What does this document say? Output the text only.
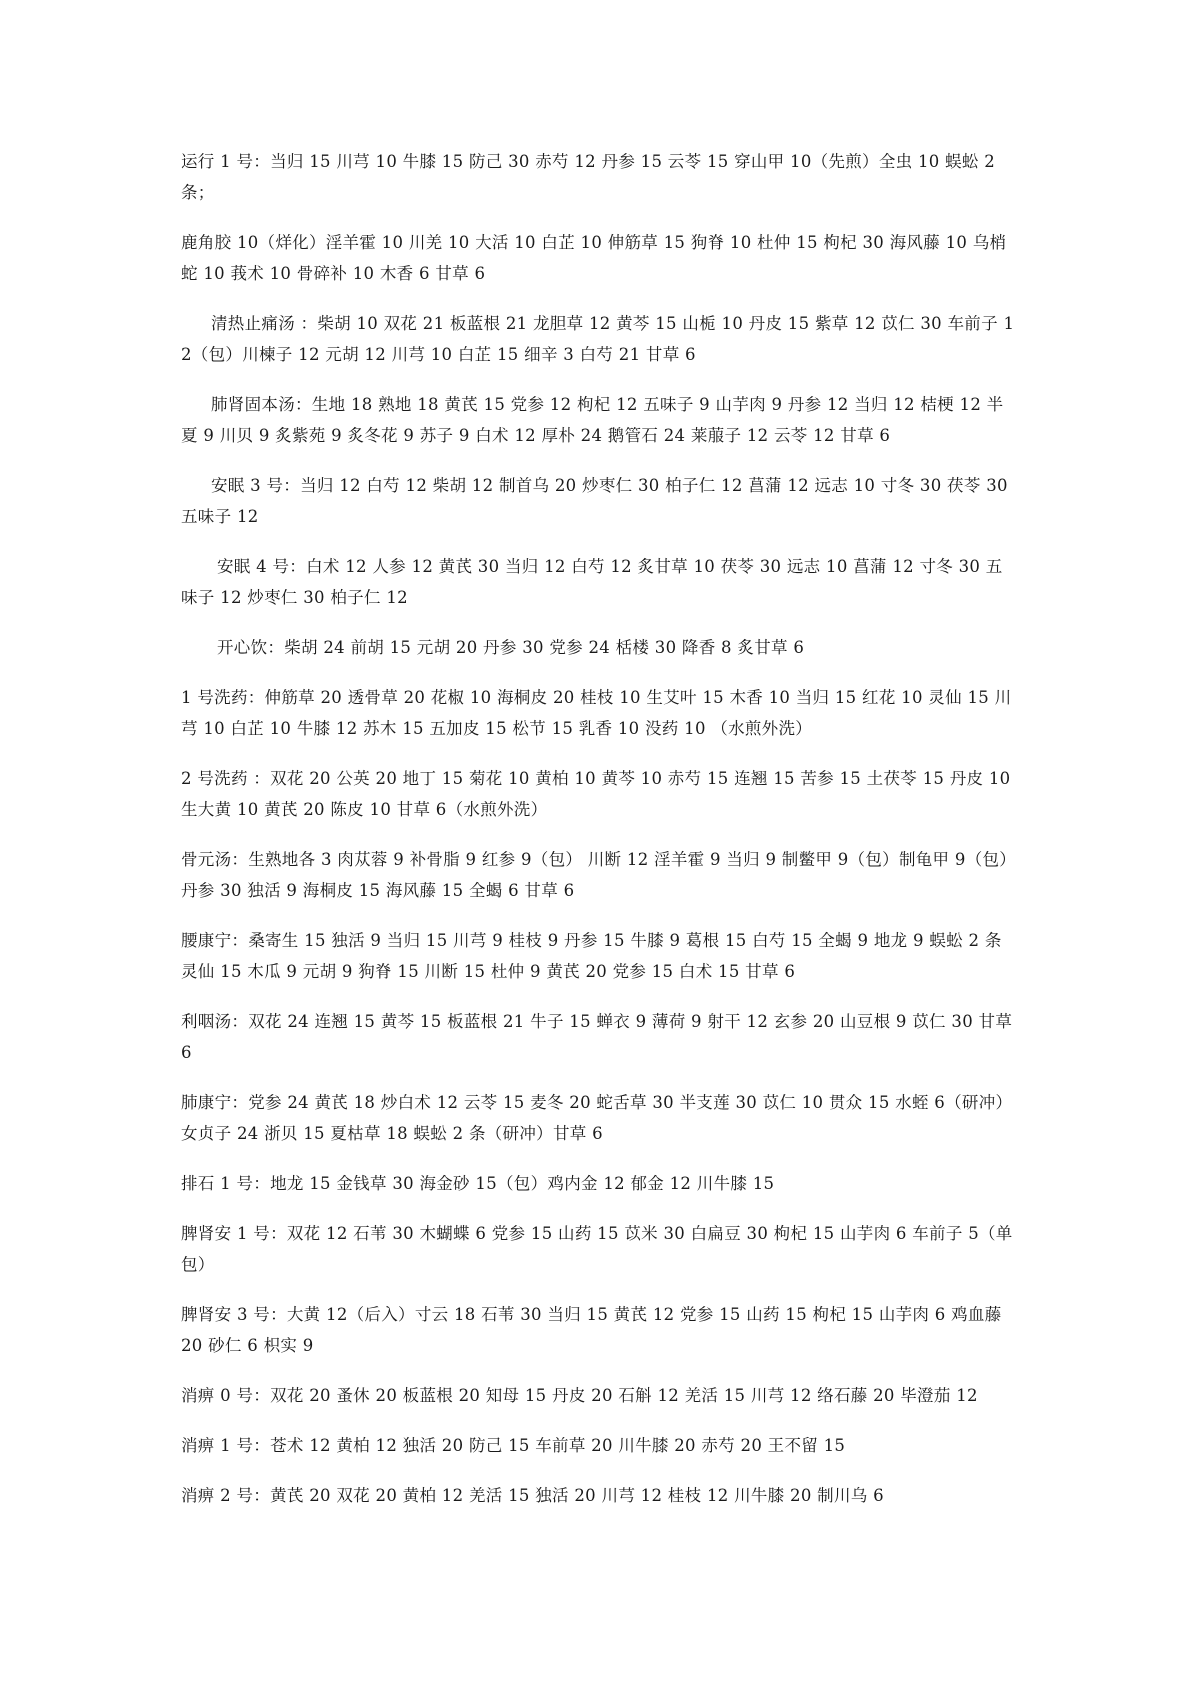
运行 1 号：当归 15 川芎 10 牛膝 15 防己 30 赤芍 12 丹参 15 云苓 15 穿山甲 10（先煎）全虫 10 蜈蚣 2 条；

鹿角胶 10（烊化）淫羊霍 10 川羌 10 大活 10 白芷 10 伸筋草 15 狗脊 10 杜仲 15 枸杞 30 海风藤 10 乌梢蛇 10 莪术 10 骨碎补 10 木香 6 甘草 6

清热止痛汤 ：柴胡 10 双花 21 板蓝根 21 龙胆草 12 黄芩 15 山栀 10 丹皮 15 紫草 12 苡仁 30 车前子 12（包）川楝子 12 元胡 12 川芎 10 白芷 15 细辛 3 白芍 21 甘草 6

肺肾固本汤：生地 18 熟地 18 黄芪 15 党参 12 枸杞 12 五味子 9 山芋肉 9 丹参 12 当归 12 桔梗 12 半夏 9 川贝 9 炙紫苑 9 炙冬花 9 苏子 9 白术 12 厚朴 24 鹅管石 24 莱菔子 12 云苓 12 甘草 6

安眠 3 号：当归 12 白芍 12 柴胡 12 制首乌 20 炒枣仁 30 柏子仁 12 菖蒲 12 远志 10 寸冬 30 茯苓 30 五味子 12

安眠 4 号：白术 12 人参 12 黄芪 30 当归 12 白芍 12 炙甘草 10 茯苓 30 远志 10 菖蒲 12 寸冬 30 五味子 12 炒枣仁 30 柏子仁 12

开心饮：柴胡 24 前胡 15 元胡 20 丹参 30 党参 24 栝楼 30 降香 8 炙甘草 6

1 号洗药：伸筋草 20 透骨草 20 花椒 10 海桐皮 20 桂枝 10 生艾叶 15 木香 10 当归 15 红花 10 灵仙 15 川芎 10 白芷 10 牛膝 12 苏木 15 五加皮 15 松节 15 乳香 10 没药 10 （水煎外洗）

2 号洗药 ：双花 20 公英 20 地丁 15 菊花 10 黄柏 10 黄芩 10 赤芍 15 连翘 15 苦参 15 土茯苓 15 丹皮 10 生大黄 10 黄芪 20 陈皮 10 甘草 6（水煎外洗）

骨元汤：生熟地各 3 肉苁蓉 9 补骨脂 9 红参 9（包） 川断 12 淫羊霍 9 当归 9 制鳖甲 9（包）制龟甲 9（包）丹参 30 独活 9 海桐皮 15 海风藤 15 全蝎 6 甘草 6

腰康宁：桑寄生 15 独活 9 当归 15 川芎 9 桂枝 9 丹参 15 牛膝 9 葛根 15 白芍 15 全蝎 9 地龙 9 蜈蚣 2 条 灵仙 15 木瓜 9 元胡 9 狗脊 15 川断 15 杜仲 9 黄芪 20 党参 15 白术 15 甘草 6

利咽汤：双花 24 连翘 15 黄芩 15 板蓝根 21 牛子 15 蝉衣 9 薄荷 9 射干 12 玄参 20 山豆根 9 苡仁 30 甘草 6

肺康宁：党参 24 黄芪 18 炒白术 12 云苓 15 麦冬 20 蛇舌草 30 半支莲 30 苡仁 10 贯众 15 水蛭 6（研冲）女贞子 24 浙贝 15 夏枯草 18 蜈蚣 2 条（研冲）甘草 6

排石 1 号：地龙 15 金钱草 30 海金砂 15（包）鸡内金 12 郁金 12 川牛膝 15

脾肾安 1 号：双花 12 石苇 30 木蝴蝶 6 党参 15 山药 15 苡米 30 白扁豆 30 枸杞 15 山芋肉 6 车前子 5（单包）

脾肾安 3 号：大黄 12（后入）寸云 18 石苇 30 当归 15 黄芪 12 党参 15 山药 15 枸杞 15 山芋肉 6 鸡血藤 20 砂仁 6 枳实 9

消痹 0 号：双花 20 蚤休 20 板蓝根 20 知母 15 丹皮 20 石斛 12 羌活 15 川芎 12 络石藤 20 毕澄茄 12

消痹 1 号：苍术 12 黄柏 12 独活 20 防己 15 车前草 20 川牛膝 20 赤芍 20 王不留 15

消痹 2 号：黄芪 20 双花 20 黄柏 12 羌活 15 独活 20 川芎 12 桂枝 12 川牛膝 20 制川乌 6
